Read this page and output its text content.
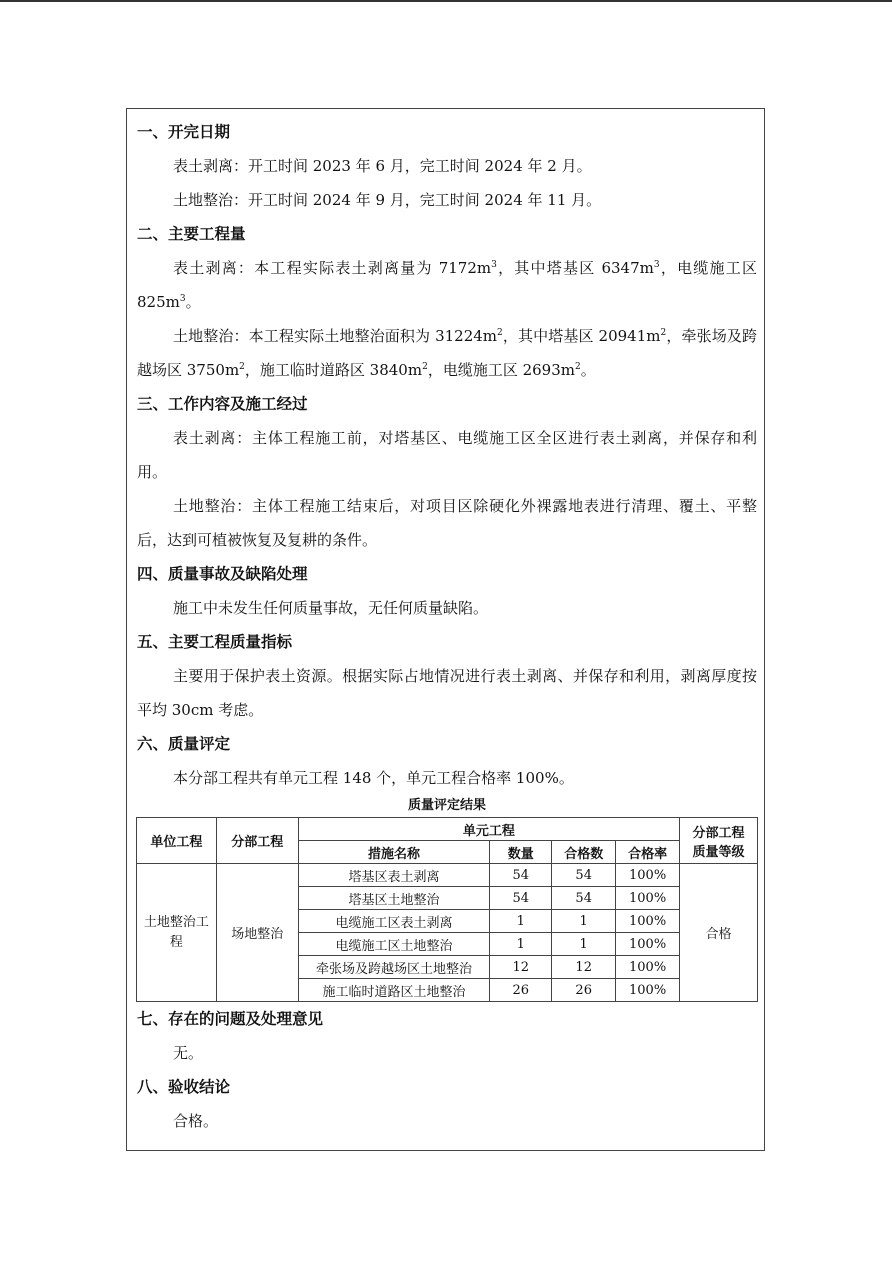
一、开完日期
表土剥离：开工时间 2023 年 6 月，完工时间 2024 年 2 月。
土地整治：开工时间 2024 年 9 月，完工时间 2024 年 11 月。
二、主要工程量
表土剥离：本工程实际表土剥离量为 $7172m^3$，其中塔基区 $6347m^3$，电缆施工区 $825m^3$。
土地整治：本工程实际土地整治面积为 $31224m^2$，其中塔基区 $20941m^2$，牵张场及跨越场区 $3750m^2$，施工临时道路区 $3840m^2$，电缆施工区 $2693m^2$。
三、工作内容及施工经过
表土剥离：主体工程施工前，对塔基区、电缆施工区全区进行表土剥离，并保存和利用。
土地整治：主体工程施工结束后，对项目区除硬化外裸露地表进行清理、覆土、平整后，达到可植被恢复及复耕的条件。
四、质量事故及缺陷处理
施工中未发生任何质量事故，无任何质量缺陷。
五、主要工程质量指标
主要用于保护表土资源。根据实际占地情况进行表土剥离、并保存和利用，剥离厚度按平均 30cm 考虑。
六、质量评定
本分部工程共有单元工程 148 个，单元工程合格率 100%。
质量评定结果
单位工程	分部工程	单元工程				分部工程
质量等级
		措施名称	数量	合格数	合格率	
土地整治工
程	场地整治	塔基区表土剥离	54	54	100%	合格
		塔基区土地整治	54	54	100%	
		电缆施工区表土剥离	1	1	100%	
		电缆施工区土地整治	1	1	100%	
		牵张场及跨越场区土地整治	12	12	100%	
		施工临时道路区土地整治	26	26	100%	
七、存在的问题及处理意见
无。
八、验收结论
合格。
